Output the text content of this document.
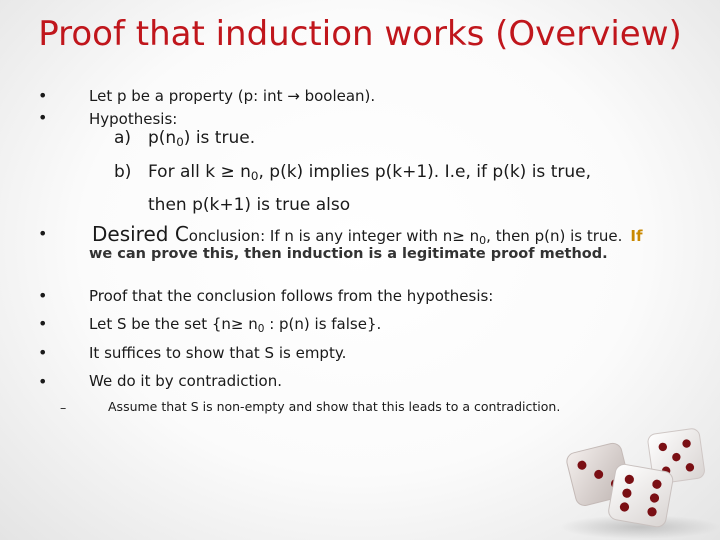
Proof that induction works (Overview)
•
•
•
•
•
•
•
–
Let p be a property (p: int → boolean).
Hypothesis:
a) $p(n_0)$ is true.
b) For all $k \ge n_0$, p(k) implies p(k+1). I.e, if p(k) is true,
then p(k+1) is true also
Desired Conclusion: If n is any integer with $n\ge n_0$, then p(n) is true. If
we can prove this, then induction is a legitimate proof method.
Proof that the conclusion follows from the hypothesis:
Let S be the set {$n\ge n_0$ : p(n) is false}.
It suffices to show that S is empty.
We do it by contradiction.
Assume that S is non-empty and show that this leads to a contradiction.
